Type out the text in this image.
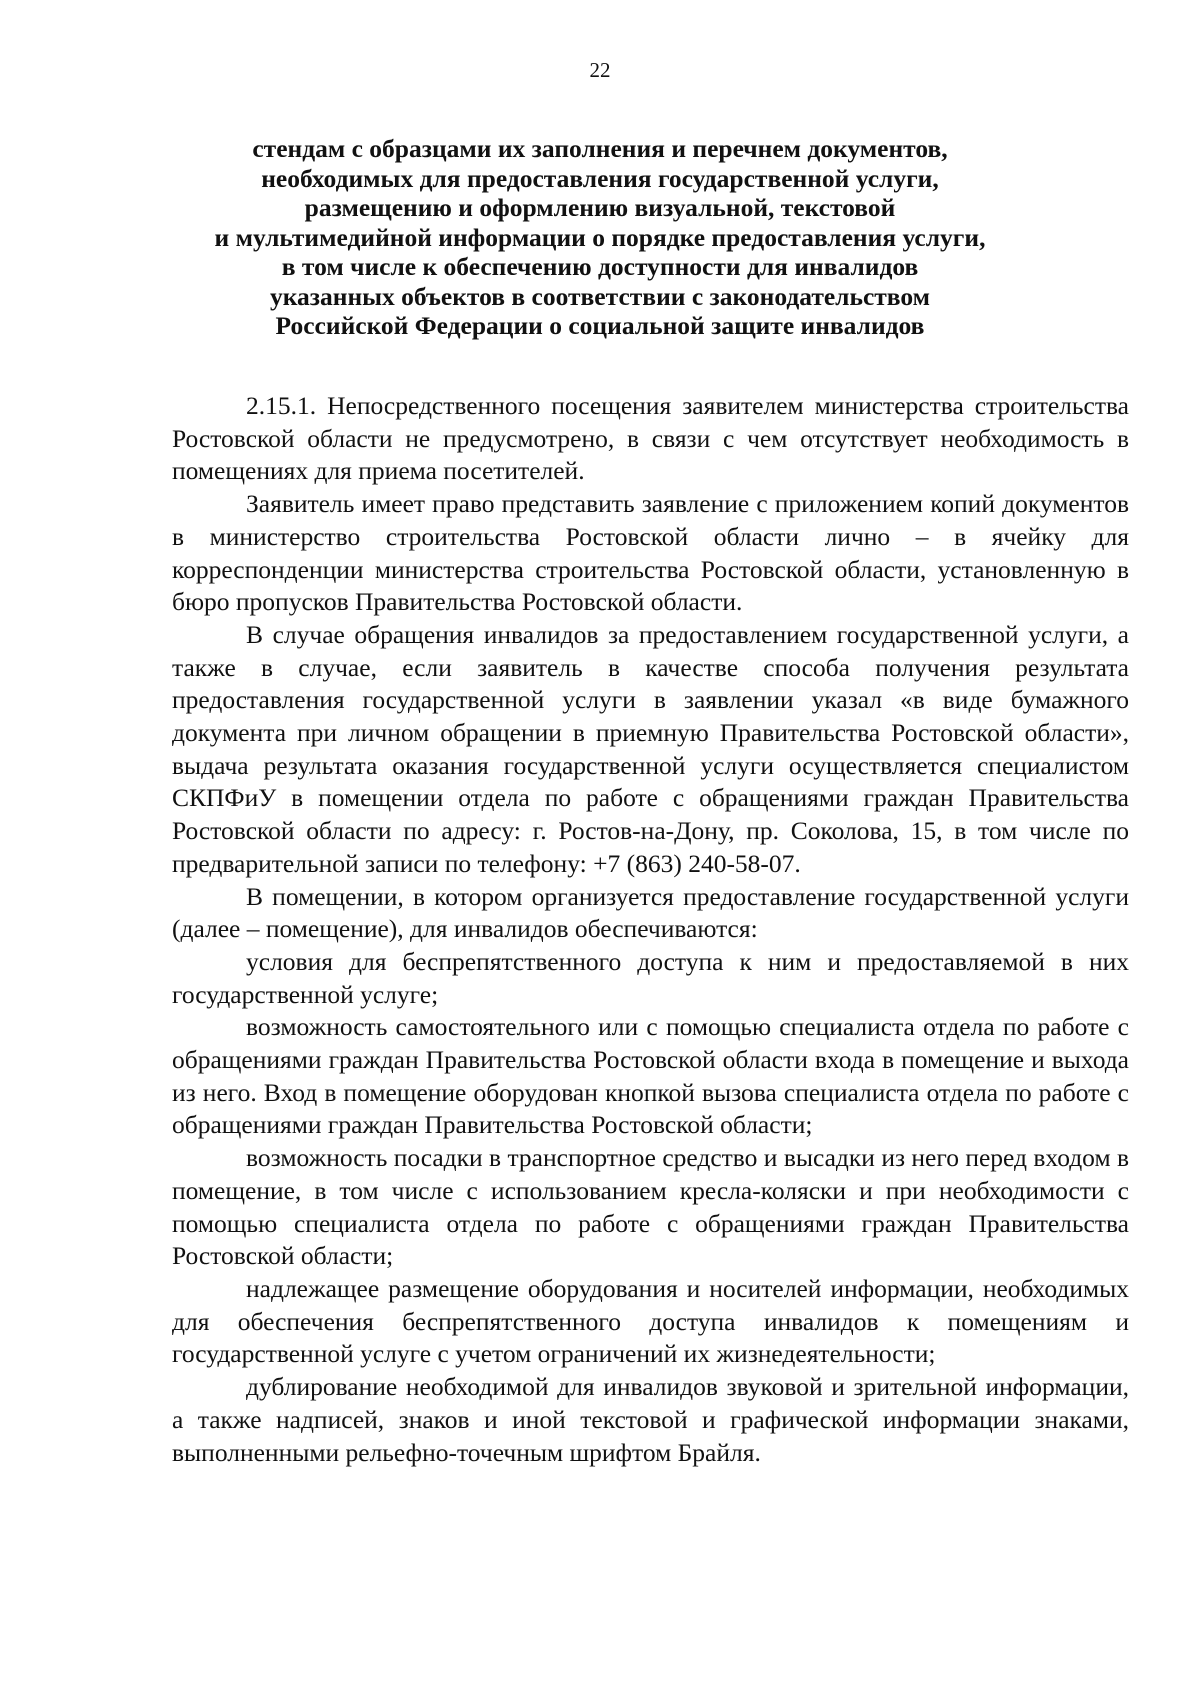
22
стендам с образцами их заполнения и перечнем документов,
необходимых для предоставления государственной услуги,
размещению и оформлению визуальной, текстовой
и мультимедийной информации о порядке предоставления услуги,
в том числе к обеспечению доступности для инвалидов
указанных объектов в соответствии с законодательством
Российской Федерации о социальной защите инвалидов

2.15.1. Непосредственного посещения заявителем министерства строительства Ростовской области не предусмотрено, в связи с чем отсутствует необходимость в помещениях для приема посетителей.

Заявитель имеет право представить заявление с приложением копий документов в министерство строительства Ростовской области лично – в ячейку для корреспонденции министерства строительства Ростовской области, установленную в бюро пропусков Правительства Ростовской области.

В случае обращения инвалидов за предоставлением государственной услуги, а также в случае, если заявитель в качестве способа получения результата предоставления государственной услуги в заявлении указал «в виде бумажного документа при личном обращении в приемную Правительства Ростовской области», выдача результата оказания государственной услуги осуществляется специалистом СКПФиУ в помещении отдела по работе с обращениями граждан Правительства Ростовской области по адресу: г. Ростов-на-Дону, пр. Соколова, 15, в том числе по предварительной записи по телефону: +7 (863) 240-58-07.

В помещении, в котором организуется предоставление государственной услуги (далее – помещение), для инвалидов обеспечиваются:

условия для беспрепятственного доступа к ним и предоставляемой в них государственной услуге;

возможность самостоятельного или с помощью специалиста отдела по работе с обращениями граждан Правительства Ростовской области входа в помещение и выхода из него. Вход в помещение оборудован кнопкой вызова специалиста отдела по работе с обращениями граждан Правительства Ростовской области;

возможность посадки в транспортное средство и высадки из него перед входом в помещение, в том числе с использованием кресла-коляски и при необходимости с помощью специалиста отдела по работе с обращениями граждан Правительства Ростовской области;

надлежащее размещение оборудования и носителей информации, необходимых для обеспечения беспрепятственного доступа инвалидов к помещениям и государственной услуге с учетом ограничений их жизнедеятельности;

дублирование необходимой для инвалидов звуковой и зрительной информации, а также надписей, знаков и иной текстовой и графической информации знаками, выполненными рельефно-точечным шрифтом Брайля.
